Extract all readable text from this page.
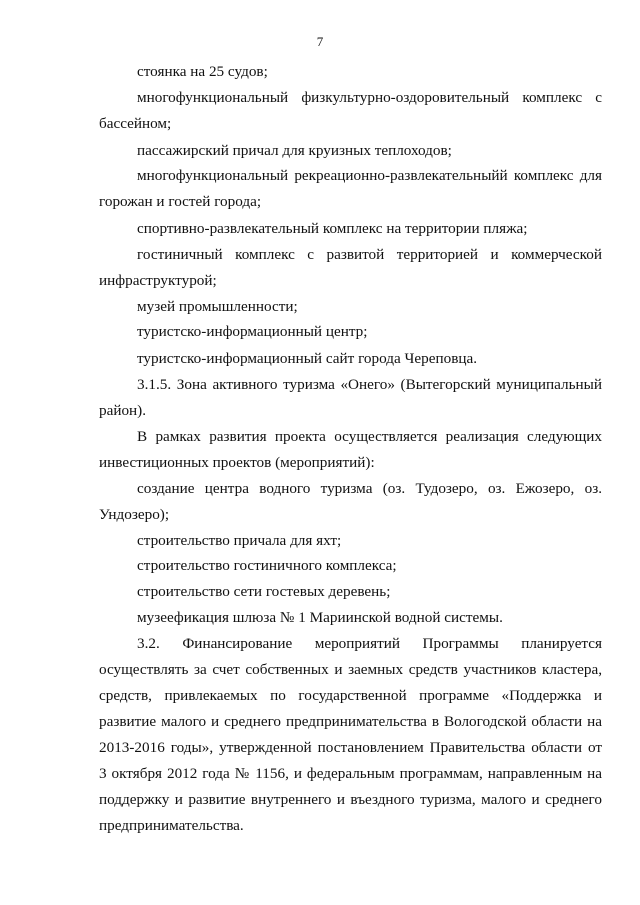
7

стоянка на 25 судов;

многофункциональный физкультурно-оздоровительный комплекс с

бассейном;

пассажирский причал для круизных теплоходов;

многофункциональный рекреационно-развлекательныйй комплекс для

горожан и гостей города;

спортивно-развлекательный комплекс на территории пляжа;

гостиничный комплекс с развитой территорией и коммерческой

инфраструктурой;

музей промышленности;

туристско-информационный центр;

туристско-информационный сайт города Череповца.

3.1.5. Зона активного туризма «Онего» (Вытегорский муниципальный

район).

В рамках развития проекта осуществляется реализация следующих

инвестиционных проектов (мероприятий):

создание центра водного туризма (оз. Тудозеро, оз. Ежозеро, оз.

Ундозеро);

строительство причала для яхт;

строительство гостиничного комплекса;

строительство сети гостевых деревень;

музеефикация шлюза № 1 Мариинской водной системы.

3.2. Финансирование мероприятий Программы планируется

осуществлять за счет собственных и заемных средств участников кластера,

средств, привлекаемых по государственной программе «Поддержка и

развитие малого и среднего предпринимательства в Вологодской области на

2013-2016 годы», утвержденной постановлением Правительства области от

3 октября 2012 года № 1156, и федеральным программам, направленным на

поддержку и развитие внутреннего и въездного туризма, малого и среднего

предпринимательства.
